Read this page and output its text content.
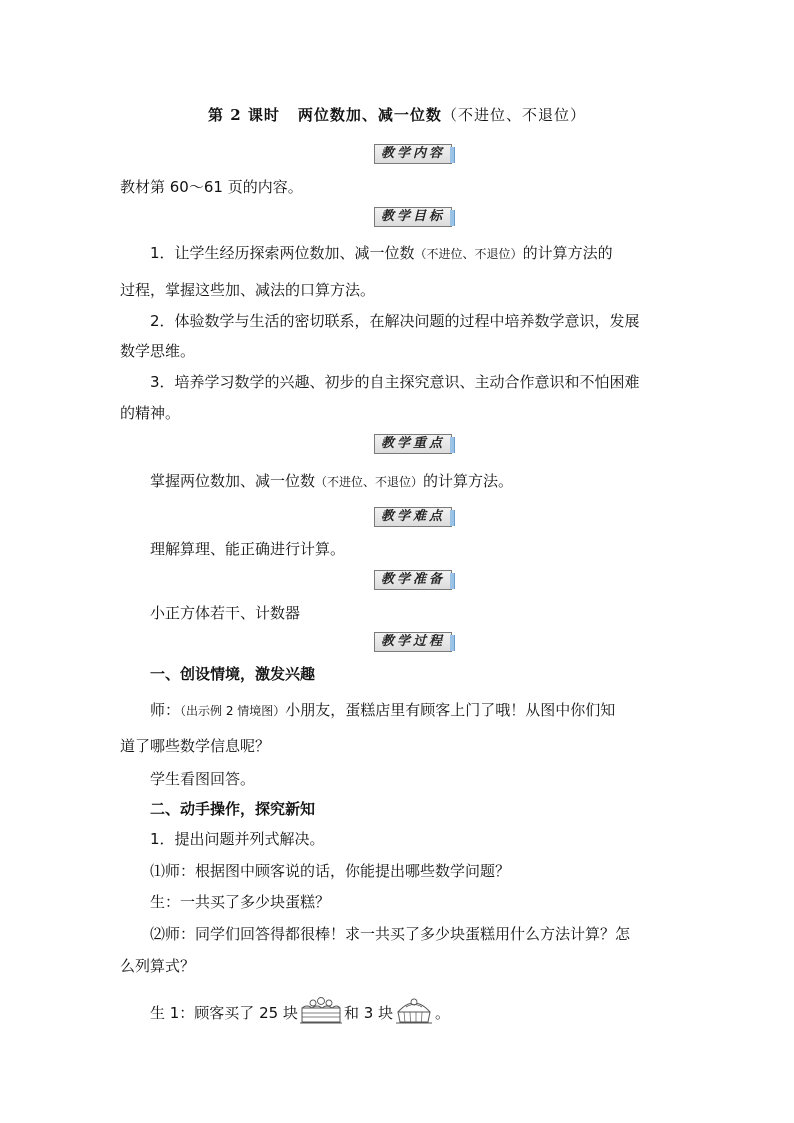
第 2 课时 两位数加、减一位数（不进位、不退位）
教学内容
教材第 60～61 页的内容。
教学目标
1．让学生经历探索两位数加、减一位数（不进位、不退位）的计算方法的
过程，掌握这些加、减法的口算方法。
2．体验数学与生活的密切联系，在解决问题的过程中培养数学意识，发展
数学思维。
3．培养学习数学的兴趣、初步的自主探究意识、主动合作意识和不怕困难
的精神。
教学重点
掌握两位数加、减一位数（不进位、不退位）的计算方法。
教学难点
理解算理、能正确进行计算。
教学准备
小正方体若干、计数器
教学过程
一、创设情境，激发兴趣
师：（出示例 2 情境图）小朋友，蛋糕店里有顾客上门了哦！从图中你们知
道了哪些数学信息呢？
学生看图回答。
二、动手操作，探究新知
1．提出问题并列式解决。
⑴师：根据图中顾客说的话，你能提出哪些数学问题？
生：一共买了多少块蛋糕？
⑵师：同学们回答得都很棒！求一共买了多少块蛋糕用什么方法计算？怎
么列算式？
生 1：顾客买了 25 块	和 3 块	。
